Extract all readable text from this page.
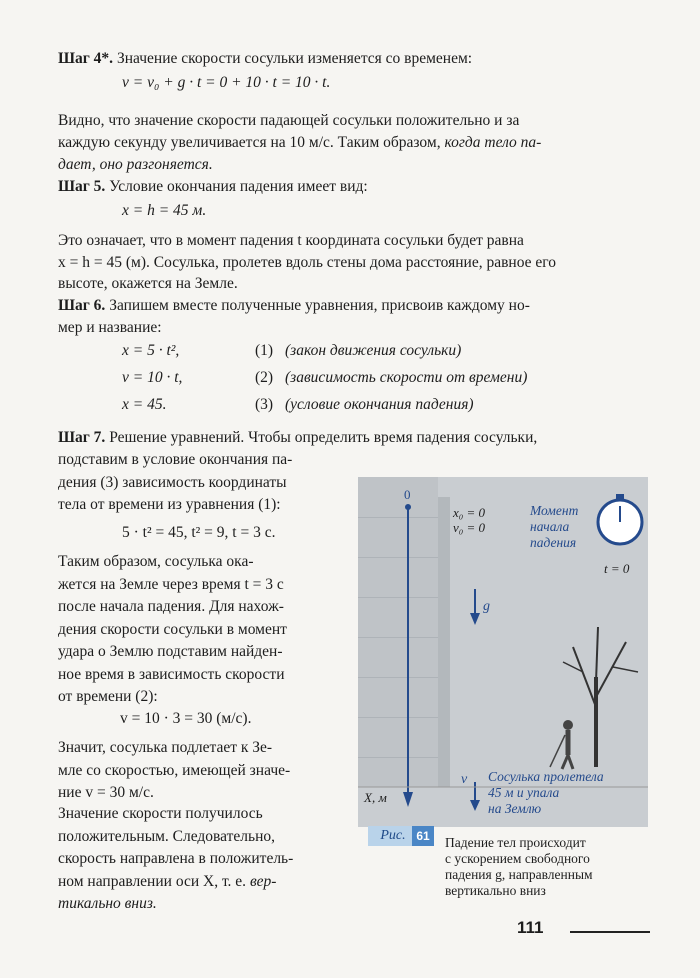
Шаг 4*. Значение скорости сосульки изменяется со временем:
v = v₀ + g · t = 0 + 10 · t = 10 · t.
Видно, что значение скорости падающей сосульки положительно и за
каждую секунду увеличивается на 10 м/с. Таким образом, когда тело па-
дает, оно разгоняется.
Шаг 5. Условие окончания падения имеет вид:
x = h = 45 м.
Это означает, что в момент падения t координата сосульки будет равна
x = h = 45 (м). Сосулька, пролетев вдоль стены дома расстояние, равное его
высоте, окажется на Земле.
Шаг 6. Запишем вместе полученные уравнения, присвоив каждому но-
мер и название:
x = 5 · t²,	(1) (закон движения сосульки)
v = 10 · t,	(2) (зависимость скорости от времени)
x = 45.	(3) (условие окончания падения)
Шаг 7. Решение уравнений. Чтобы определить время падения сосульки,
подставим в условие окончания па-
дения (3) зависимость координаты
тела от времени из уравнения (1):
5 · t² = 45, t² = 9, t = 3 c.
Таким образом, сосулька ока-
жется на Земле через время t = 3 с
после начала падения. Для нахож-
дения скорости сосульки в момент
удара о Землю подставим найден-
ное время в зависимость скорости
от времени (2):
v = 10 · 3 = 30 (м/с).
Значит, сосулька подлетает к Зе-
мле со скоростью, имеющей значе-
ние v = 30 м/с.
Значение скорости получилось
положительным. Следовательно,
скорость направлена в положитель-
ном направлении оси X, т. е. вер-
тикально вниз.
0
x₀ = 0
v₀ = 0
Момент
начала
падения
t = 0
g
v
X, м
Сосулька пролетела
45 м и упала
на Землю
Рис. 61	Падение тел происходит
с ускорением свободного
падения g, направленным
вертикально вниз
111
